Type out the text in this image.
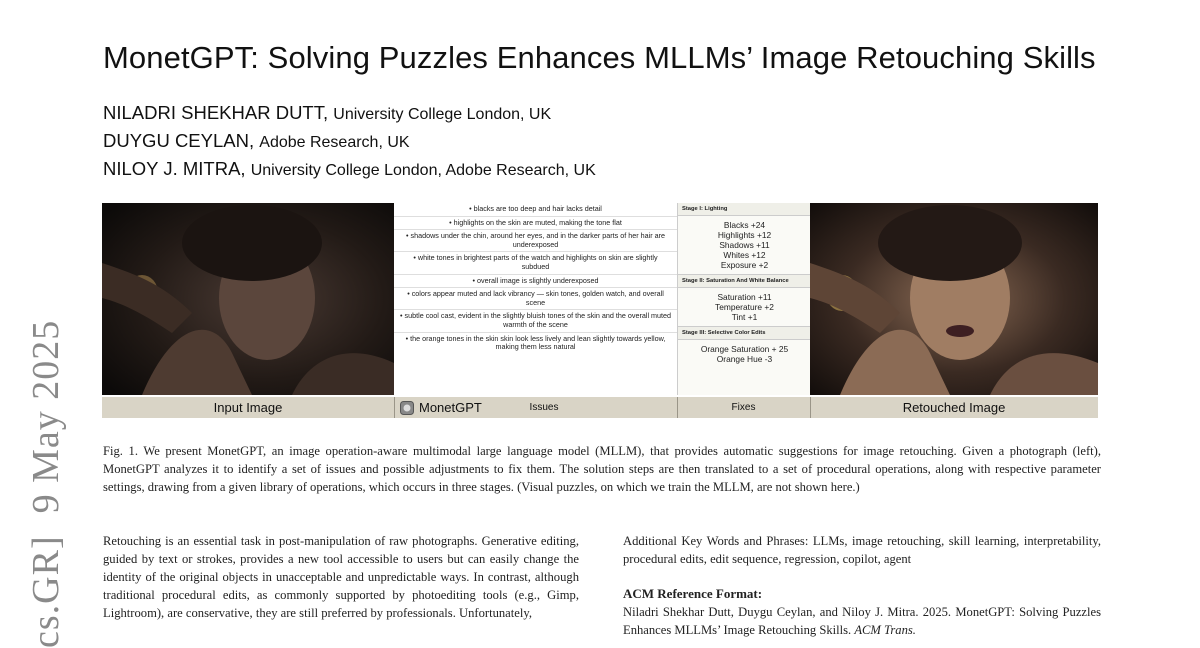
cs.GR]9 May 2025
MonetGPT: Solving Puzzles Enhances MLLMs’ Image Retouching Skills
NILADRI SHEKHAR DUTT, University College London, UK
DUYGU CEYLAN, Adobe Research, UK
NILOY J. MITRA, University College London, Adobe Research, UK
• blacks are too deep and hair lacks detail
• highlights on the skin are muted, making the tone flat
• shadows under the chin, around her eyes, and in the darker parts of her hair are underexposed
• white tones in brightest parts of the watch and highlights on skin are slightly subdued
• overall image is slightly underexposed
• colors appear muted and lack vibrancy — skin tones, golden watch, and overall scene
• subtle cool cast, evident in the slightly bluish tones of the skin and the overall muted warmth of the scene
• the orange tones in the skin skin look less lively and lean slightly towards yellow, making them less natural
Stage I: Lighting
Blacks +24
Highlights +12
Shadows +11
Whites +12
Exposure +2
Stage II: Saturation And White Balance
Saturation +11
Temperature +2
Tint +1
Stage III: Selective Color Edits
Orange Saturation + 25
Orange Hue -3
Input Image	MonetGPT	Issues	Fixes	Retouched Image
Fig. 1. We present MonetGPT, an image operation-aware multimodal large language model (MLLM), that provides automatic suggestions for image retouching. Given a photograph (left), MonetGPT analyzes it to identify a set of issues and possible adjustments to fix them. The solution steps are then translated to a set of procedural operations, along with respective parameter settings, drawing from a given library of operations, which occurs in three stages. (Visual puzzles, on which we train the MLLM, are not shown here.)
Retouching is an essential task in post-manipulation of raw photographs. Generative editing, guided by text or strokes, provides a new tool accessible to users but can easily change the identity of the original objects in unacceptable and unpredictable ways. In contrast, although traditional procedural edits, as commonly supported by photoediting tools (e.g., Gimp, Lightroom), are conservative, they are still preferred by professionals. Unfortunately,
Additional Key Words and Phrases: LLMs, image retouching, skill learning, interpretability, procedural edits, edit sequence, regression, copilot, agent
ACM Reference Format:
Niladri Shekhar Dutt, Duygu Ceylan, and Niloy J. Mitra. 2025. MonetGPT: Solving Puzzles Enhances MLLMs’ Image Retouching Skills. ACM Trans.
